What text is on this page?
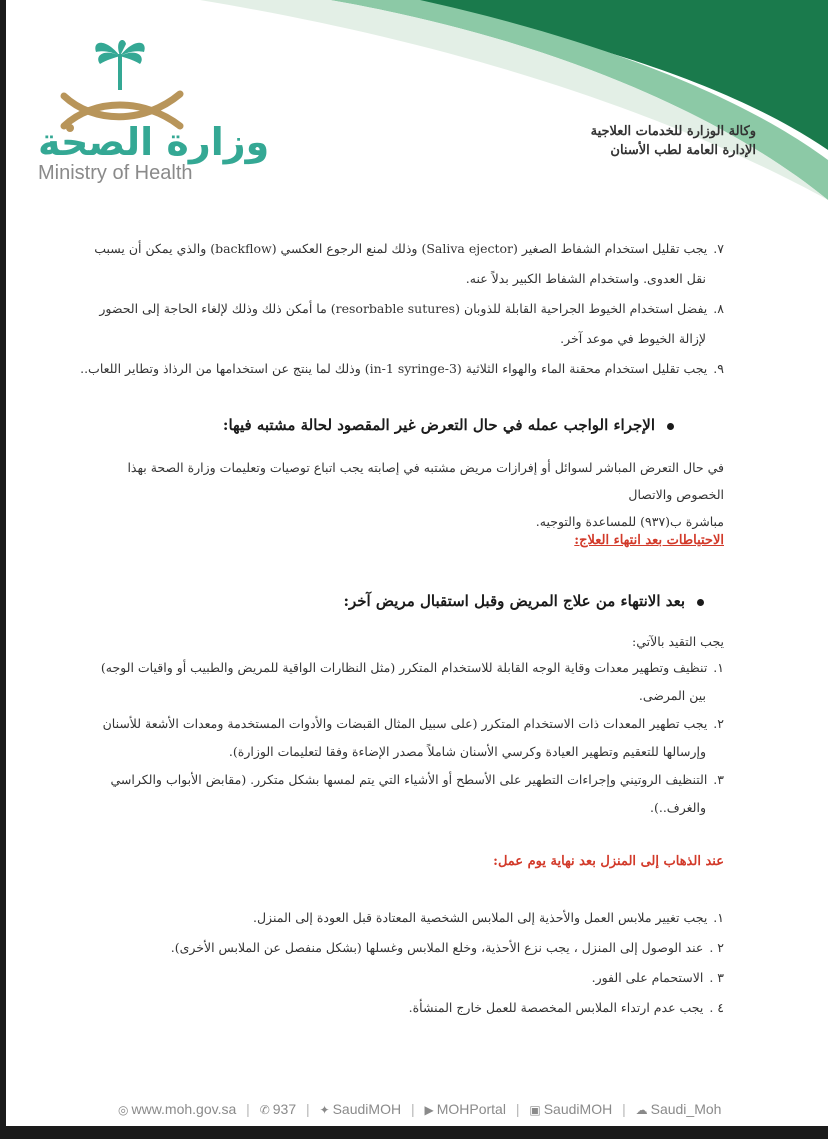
وزارة الصحة
Ministry of Health
وكالة الوزارة للخدمات العلاجية
الإدارة العامة لطب الأسنان
٧.يجب تقليل استخدام الشفاط الصغير (Saliva ejector) وذلك لمنع الرجوع العكسي (backflow) والذي يمكن أن يسبب
نقل العدوى. واستخدام الشفاط الكبير بدلاً عنه.
٨.يفضل استخدام الخيوط الجراحية القابلة للذوبان (resorbable sutures) ما أمكن ذلك وذلك لإلغاء الحاجة إلى الحضور
لإزالة الخيوط في موعد آخر.
٩.يجب تقليل استخدام محقنة الماء والهواء الثلاثية (3-in-1 syringe) وذلك لما ينتج عن استخدامها من الرذاذ وتطاير اللعاب..
الإجراء الواجب عمله في حال التعرض غير المقصود لحالة مشتبه فيها:
في حال التعرض المباشر لسوائل أو إفرازات مريض مشتبه في إصابته يجب اتباع توصيات وتعليمات وزارة الصحة بهذا الخصوص والاتصال
مباشرة ب(٩٣٧) للمساعدة والتوجيه.
الاحتياطات بعد انتهاء العلاج:
بعد الانتهاء من علاج المريض وقبل استقبال مريض آخر:
يجب التقيد بالآتي:
١.تنظيف وتطهير معدات وقاية الوجه القابلة للاستخدام المتكرر (مثل النظارات الواقية للمريض والطبيب أو واقيات الوجه)
بين المرضى.
٢.يجب تطهير المعدات ذات الاستخدام المتكرر (على سبيل المثال القبضات والأدوات المستخدمة ومعدات الأشعة للأسنان
وإرسالها للتعقيم وتطهير العيادة وكرسي الأسنان شاملاً مصدر الإضاءة وفقا لتعليمات الوزارة).
٣.التنظيف الروتيني وإجراءات التطهير على الأسطح أو الأشياء التي يتم لمسها بشكل متكرر. (مقابض الأبواب والكراسي
والغرف..).
عند الذهاب إلى المنزل بعد نهاية يوم عمل:
١.يجب تغيير ملابس العمل والأحذية إلى الملابس الشخصية المعتادة قبل العودة إلى المنزل.
٢ .عند الوصول إلى المنزل ، يجب نزع الأحذية، وخلع الملابس وغسلها (بشكل منفصل عن الملابس الأخرى).
٣ .الاستحمام على الفور.
٤ .يجب عدم ارتداء الملابس المخصصة للعمل خارج المنشأة.
◎ www.moh.gov.sa | ✆ 937 | ✦ SaudiMOH | ▶ MOHPortal | ▣ SaudiMOH | ☁ Saudi_Moh
